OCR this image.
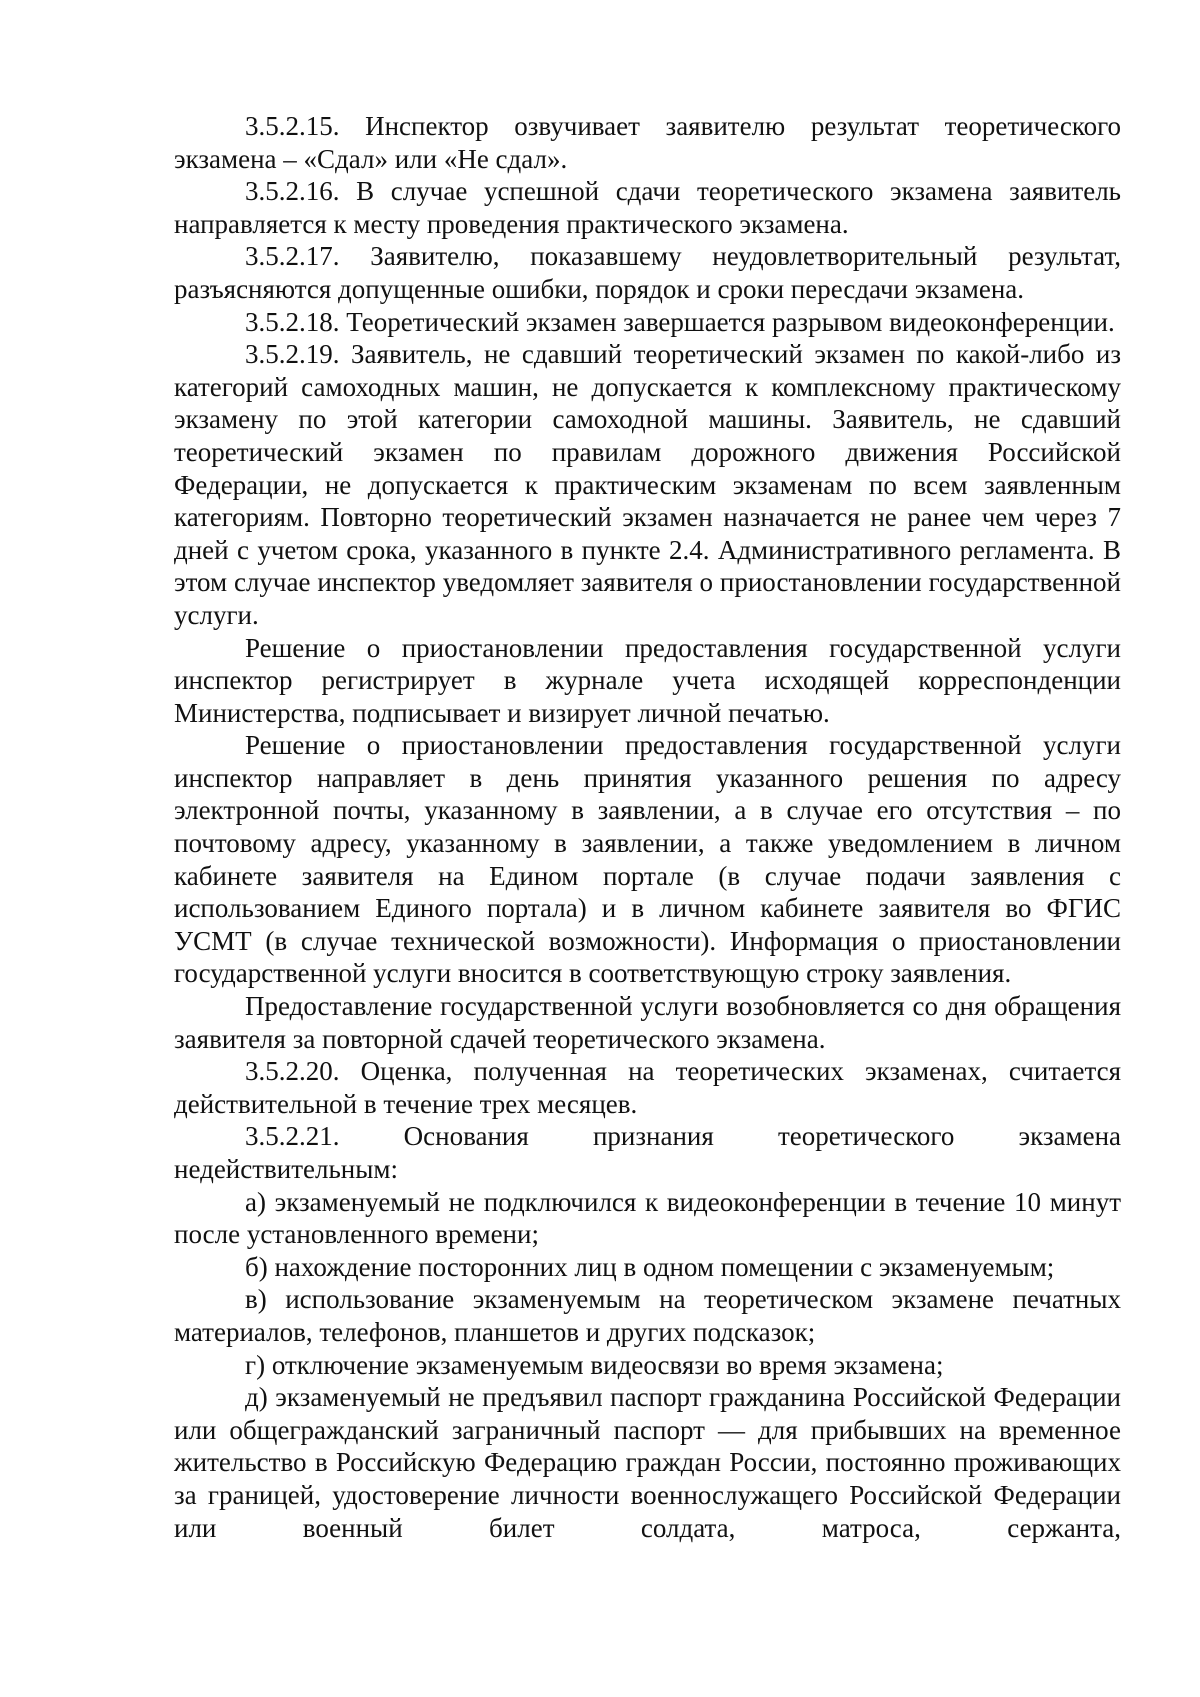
3.5.2.15. Инспектор озвучивает заявителю результат теоретического экзамена – «Сдал» или «Не сдал».

3.5.2.16. В случае успешной сдачи теоретического экзамена заявитель направляется к месту проведения практического экзамена.

3.5.2.17. Заявителю, показавшему неудовлетворительный результат, разъясняются допущенные ошибки, порядок и сроки пересдачи экзамена.

3.5.2.18. Теоретический экзамен завершается разрывом видеоконференции.

3.5.2.19. Заявитель, не сдавший теоретический экзамен по какой-либо из категорий самоходных машин, не допускается к комплексному практическому экзамену по этой категории самоходной машины. Заявитель, не сдавший теоретический экзамен по правилам дорожного движения Российской Федерации, не допускается к практическим экзаменам по всем заявленным категориям. Повторно теоретический экзамен назначается не ранее чем через 7 дней с учетом срока, указанного в пункте 2.4. Административного регламента. В этом случае инспектор уведомляет заявителя о приостановлении государственной услуги.

Решение о приостановлении предоставления государственной услуги инспектор регистрирует в журнале учета исходящей корреспонденции Министерства, подписывает и визирует личной печатью.

Решение о приостановлении предоставления государственной услуги инспектор направляет в день принятия указанного решения по адресу электронной почты, указанному в заявлении, а в случае его отсутствия – по почтовому адресу, указанному в заявлении, а также уведомлением в личном кабинете заявителя на Едином портале (в случае подачи заявления с использованием Единого портала) и в личном кабинете заявителя во ФГИС УСМТ (в случае технической возможности). Информация о приостановлении государственной услуги вносится в соответствующую строку заявления.

Предоставление государственной услуги возобновляется со дня обращения заявителя за повторной сдачей теоретического экзамена.

3.5.2.20. Оценка, полученная на теоретических экзаменах, считается действительной в течение трех месяцев.

3.5.2.21. Основания признания теоретического экзамена недействительным:

а) экзаменуемый не подключился к видеоконференции в течение 10 минут после установленного времени;

б) нахождение посторонних лиц в одном помещении с экзаменуемым;

в) использование экзаменуемым на теоретическом экзамене печатных материалов, телефонов, планшетов и других подсказок;

г) отключение экзаменуемым видеосвязи во время экзамена;

д) экзаменуемый не предъявил паспорт гражданина Российской Федерации или общегражданский заграничный паспорт — для прибывших на временное жительство в Российскую Федерацию граждан России, постоянно проживающих за границей, удостоверение личности военнослужащего Российской Федерации или военный билет солдата, матроса, сержанта,
